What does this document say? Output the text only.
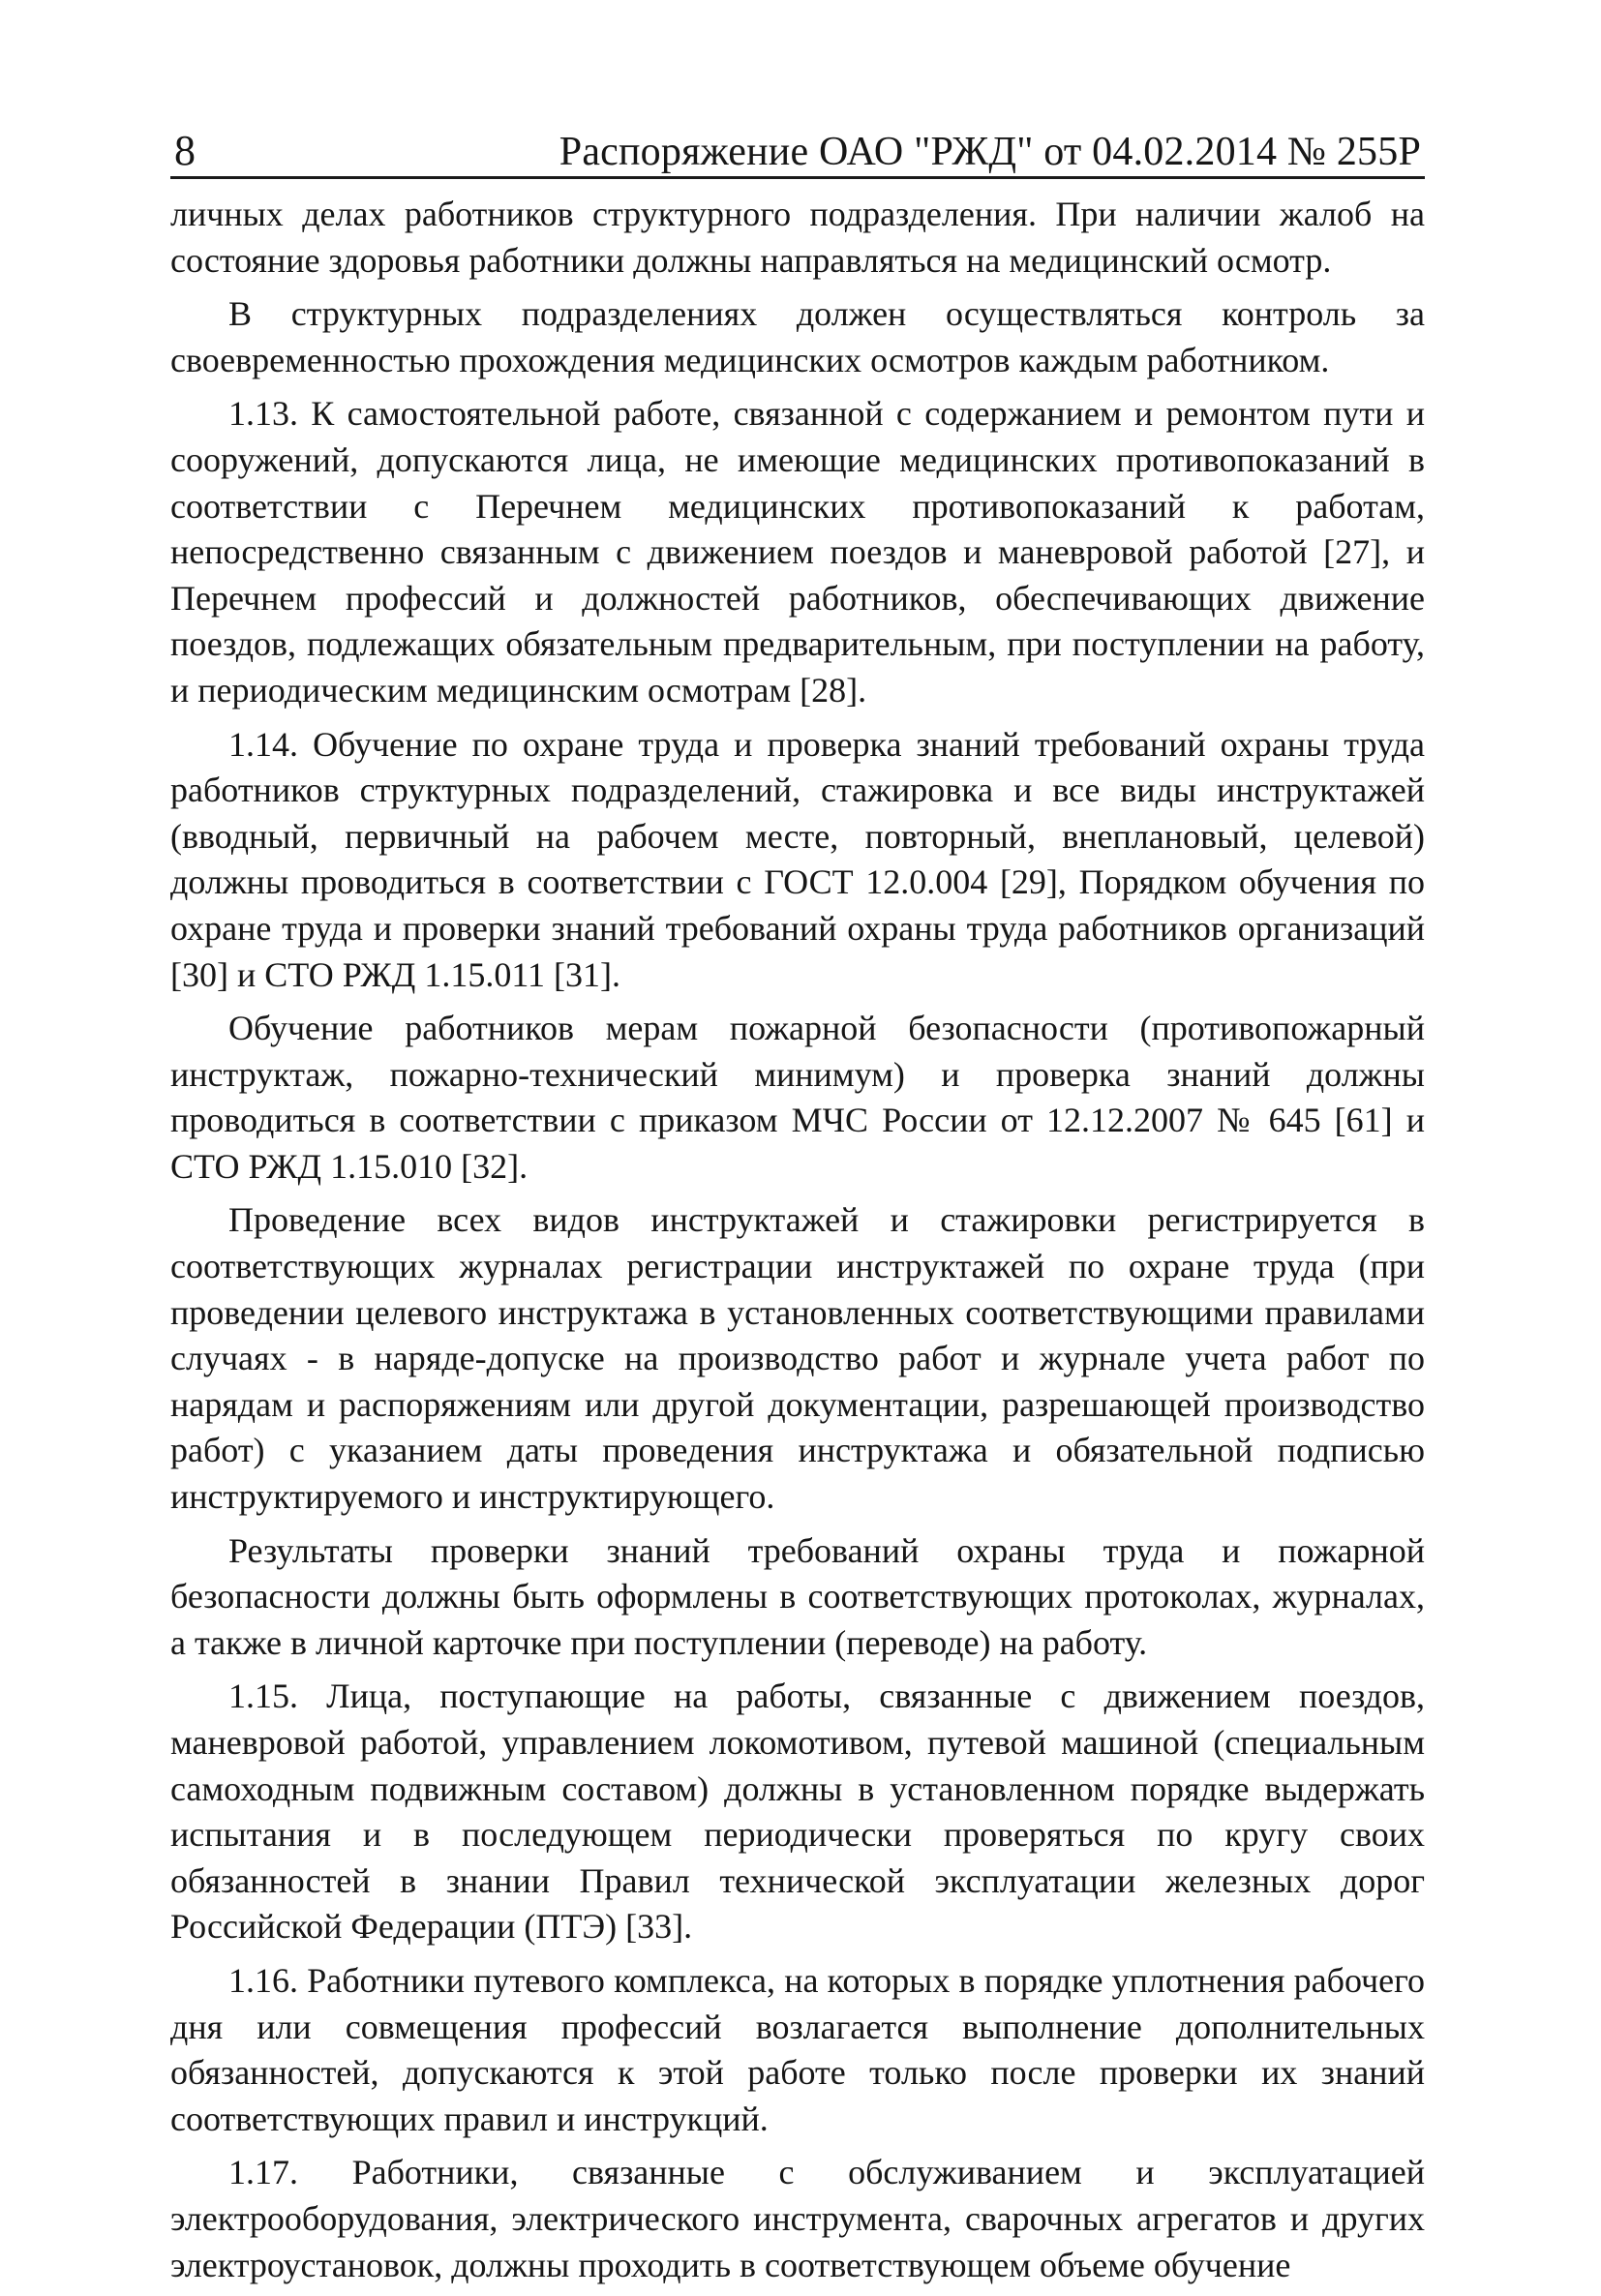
8	Распоряжение ОАО "РЖД" от 04.02.2014 № 255Р

личных делах работников структурного подразделения. При наличии жалоб на состояние здоровья работники должны направляться на медицинский осмотр.

В структурных подразделениях должен осуществляться контроль за своевременностью прохождения медицинских осмотров каждым работником.

1.13. К самостоятельной работе, связанной с содержанием и ремонтом пути и сооружений, допускаются лица, не имеющие медицинских противопоказаний в соответствии с Перечнем медицинских противопоказаний к работам, непосредственно связанным с движением поездов и маневровой работой [27], и Перечнем профессий и должностей работников, обеспечивающих движение поездов, подлежащих обязательным предварительным, при поступлении на работу, и периодическим медицинским осмотрам [28].

1.14. Обучение по охране труда и проверка знаний требований охраны труда работников структурных подразделений, стажировка и все виды инструктажей (вводный, первичный на рабочем месте, повторный, внеплановый, целевой) должны проводиться в соответствии с ГОСТ 12.0.004 [29], Порядком обучения по охране труда и проверки знаний требований охраны труда работников организаций [30] и СТО РЖД 1.15.011 [31].

Обучение работников мерам пожарной безопасности (противопожарный инструктаж, пожарно-технический минимум) и проверка знаний должны проводиться в соответствии с приказом МЧС России от 12.12.2007 № 645 [61] и СТО РЖД 1.15.010 [32].

Проведение всех видов инструктажей и стажировки регистрируется в соответствующих журналах регистрации инструктажей по охране труда (при проведении целевого инструктажа в установленных соответствующими правилами случаях - в наряде-допуске на производство работ и журнале учета работ по нарядам и распоряжениям или другой документации, разрешающей производство работ) с указанием даты проведения инструктажа и обязательной подписью инструктируемого и инструктирующего.

Результаты проверки знаний требований охраны труда и пожарной безопасности должны быть оформлены в соответствующих протоколах, журналах, а также в личной карточке при поступлении (переводе) на работу.

1.15. Лица, поступающие на работы, связанные с движением поездов, маневровой работой, управлением локомотивом, путевой машиной (специальным самоходным подвижным составом) должны в установленном порядке выдержать испытания и в последующем периодически проверяться по кругу своих обязанностей в знании Правил технической эксплуатации железных дорог Российской Федерации (ПТЭ) [33].

1.16. Работники путевого комплекса, на которых в порядке уплотнения рабочего дня или совмещения профессий возлагается выполнение дополнительных обязанностей, допускаются к этой работе только после проверки их знаний соответствующих правил и инструкций.

1.17. Работники, связанные с обслуживанием и эксплуатацией электрооборудования, электрического инструмента, сварочных агрегатов и других электроустановок, должны проходить в соответствующем объеме обучение
